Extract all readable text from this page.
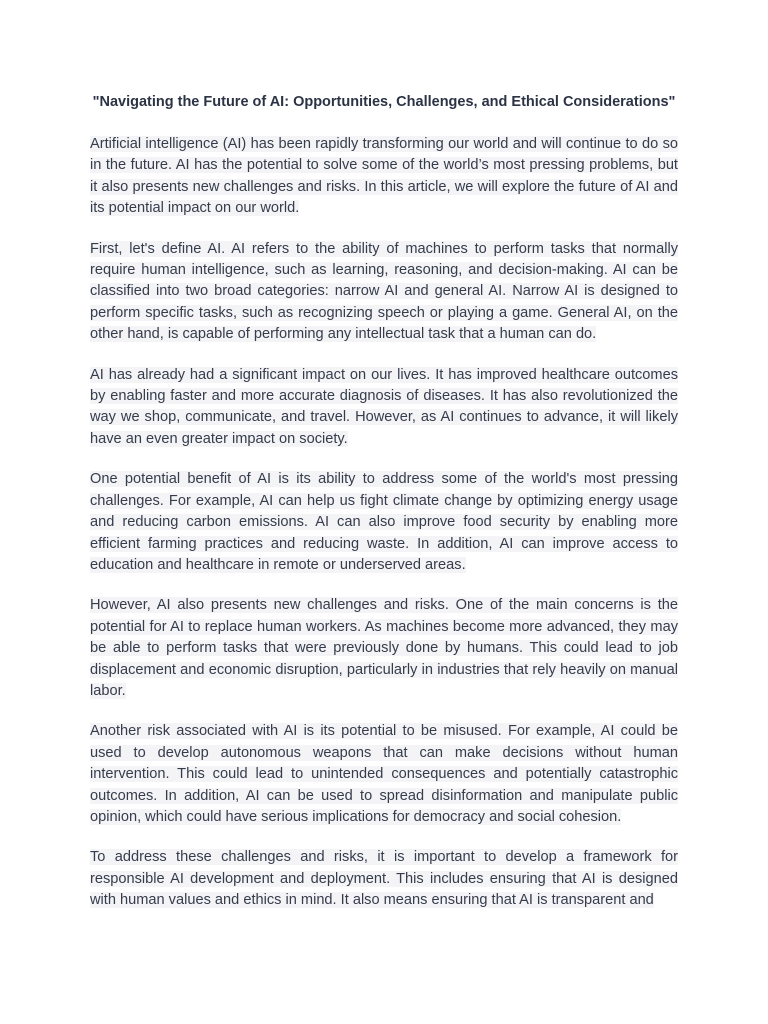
"Navigating the Future of AI: Opportunities, Challenges, and Ethical Considerations"

Artificial intelligence (AI) has been rapidly transforming our world and will continue to do so in the future. AI has the potential to solve some of the world’s most pressing problems, but it also presents new challenges and risks. In this article, we will explore the future of AI and its potential impact on our world.

First, let's define AI. AI refers to the ability of machines to perform tasks that normally require human intelligence, such as learning, reasoning, and decision-making. AI can be classified into two broad categories: narrow AI and general AI. Narrow AI is designed to perform specific tasks, such as recognizing speech or playing a game. General AI, on the other hand, is capable of performing any intellectual task that a human can do.

AI has already had a significant impact on our lives. It has improved healthcare outcomes by enabling faster and more accurate diagnosis of diseases. It has also revolutionized the way we shop, communicate, and travel. However, as AI continues to advance, it will likely have an even greater impact on society.

One potential benefit of AI is its ability to address some of the world's most pressing challenges. For example, AI can help us fight climate change by optimizing energy usage and reducing carbon emissions. AI can also improve food security by enabling more efficient farming practices and reducing waste. In addition, AI can improve access to education and healthcare in remote or underserved areas.

However, AI also presents new challenges and risks. One of the main concerns is the potential for AI to replace human workers. As machines become more advanced, they may be able to perform tasks that were previously done by humans. This could lead to job displacement and economic disruption, particularly in industries that rely heavily on manual labor.

Another risk associated with AI is its potential to be misused. For example, AI could be used to develop autonomous weapons that can make decisions without human intervention. This could lead to unintended consequences and potentially catastrophic outcomes. In addition, AI can be used to spread disinformation and manipulate public opinion, which could have serious implications for democracy and social cohesion.

To address these challenges and risks, it is important to develop a framework for responsible AI development and deployment. This includes ensuring that AI is designed with human values and ethics in mind. It also means ensuring that AI is transparent and
